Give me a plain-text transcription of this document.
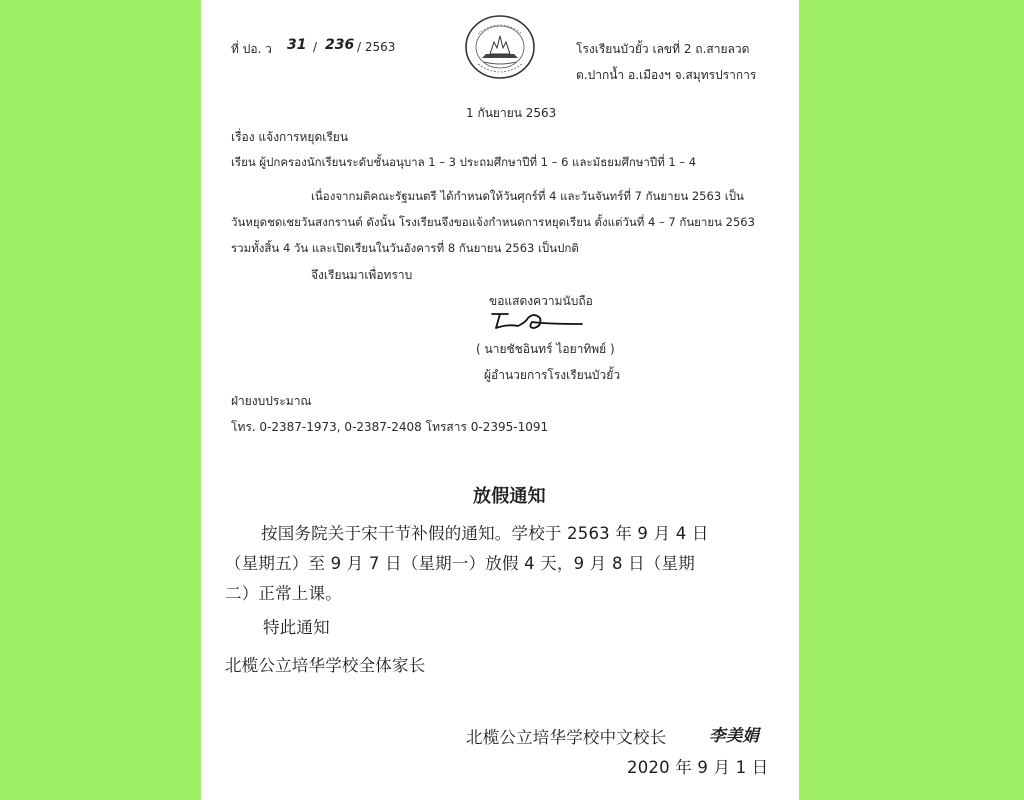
ที่ ปอ. ว 31 / 236 / 2563	โรงเรียนบัวยั้ว เลขที่ 2 ถ.สายลวด
ต.ปากน้ำ อ.เมืองฯ จ.สมุทรปราการ
1 กันยายน 2563
เรื่อง แจ้งการหยุดเรียน
เรียน ผู้ปกครองนักเรียนระดับชั้นอนุบาล 1 – 3 ประถมศึกษาปีที่ 1 – 6 และมัธยมศึกษาปีที่ 1 – 4
เนื่องจากมติคณะรัฐมนตรี ได้กำหนดให้วันศุกร์ที่ 4 และวันจันทร์ที่ 7 กันยายน 2563 เป็น
วันหยุดชดเชยวันสงกรานต์ ดังนั้น โรงเรียนจึงขอแจ้งกำหนดการหยุดเรียน ตั้งแต่วันที่ 4 – 7 กันยายน 2563
รวมทั้งสิ้น 4 วัน และเปิดเรียนในวันอังคารที่ 8 กันยายน 2563 เป็นปกติ
จึงเรียนมาเพื่อทราบ
ขอแสดงความนับถือ
( นายชัชอินทร์ ไอยาทิพย์ )
ผู้อำนวยการโรงเรียนบัวยั้ว
ฝ่ายงบประมาณ
โทร. 0-2387-1973, 0-2387-2408 โทรสาร 0-2395-1091
放假通知
按国务院关于宋干节补假的通知。学校于 2563 年 9 月 4 日
（星期五）至 9 月 7 日（星期一）放假 4 天，9 月 8 日（星期
二）正常上课。
特此通知
北榄公立培华学校全体家长
北榄公立培华学校中文校长	李美娟
2020 年 9 月 1 日
